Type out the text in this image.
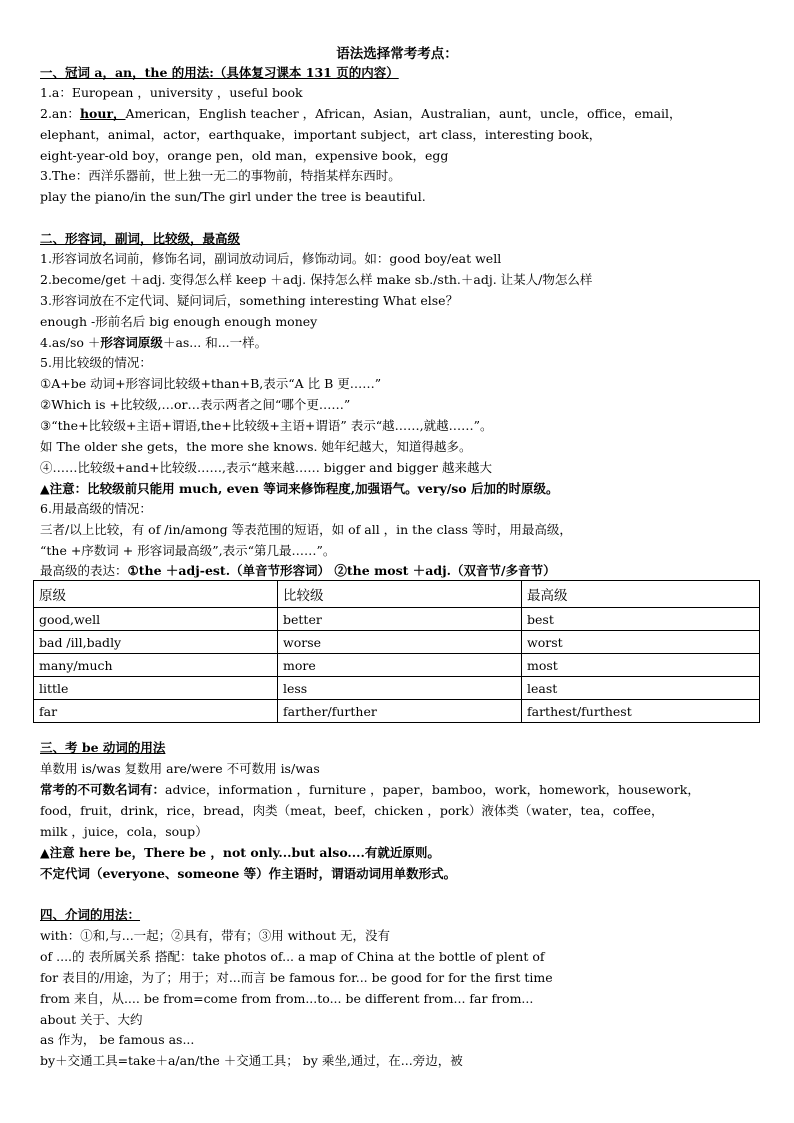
语法选择常考考点：
一、冠词 a，an，the 的用法:（具体复习课本 131 页的内容）
1.a：European ，university ，useful book
2.an：hour，American，English teacher ，African，Asian，Australian，aunt，uncle，office，email，
elephant，animal，actor，earthquake，important subject，art class，interesting book，
eight-year-old boy，orange pen，old man，expensive book，egg
3.The：西洋乐器前，世上独一无二的事物前，特指某样东西时。
play the piano/in the sun/The girl under the tree is beautiful.
二、形容词，副词，比较级，最高级
1.形容词放名词前，修饰名词，副词放动词后，修饰动词。如：good boy/eat well
2.become/get ＋adj. 变得怎么样 keep ＋adj. 保持怎么样 make sb./sth.＋adj. 让某人/物怎么样
3.形容词放在不定代词、疑问词后，something interesting What else？
enough -形前名后 big enough enough money
4.as/so ＋形容词原级＋as... 和...一样。
5.用比较级的情况：
①A+be 动词+形容词比较级+than+B,表示“A 比 B 更……”
②Which is +比较级,…or…表示两者之间“哪个更……”
③“the+比较级+主语+谓语,the+比较级+主语+谓语” 表示“越……,就越……”。
如 The older she gets，the more she knows. 她年纪越大，知道得越多。
④……比较级+and+比较级……,表示“越来越…… bigger and bigger 越来越大
▲注意：比较级前只能用 much, even 等词来修饰程度,加强语气。very/so 后加的时原级。
6.用最高级的情况：
三者/以上比较，有 of /in/among 等表范围的短语，如 of all ，in the class 等时，用最高级，
“the +序数词 + 形容词最高级”,表示“第几最……”。
最高级的表达：①the ＋adj-est.（单音节形容词） ②the most ＋adj.（双音节/多音节）
原级	比较级	最高级
good,well	better	best
bad /ill,badly	worse	worst
many/much	more	most
little	less	least
far	farther/further	farthest/furthest
三、考 be 动词的用法
单数用 is/was 复数用 are/were 不可数用 is/was
常考的不可数名词有：advice，information ，furniture ，paper，bamboo，work，homework，housework，
food，fruit，drink，rice，bread，肉类（meat，beef，chicken ，pork）液体类（water，tea，coffee，
milk ，juice，cola，soup）
▲注意 here be，There be ，not only...but also....有就近原则。
不定代词（everyone、someone 等）作主语时，谓语动词用单数形式。
四、介词的用法：
with：①和,与...一起；②具有，带有；③用 without 无，没有
of ....的 表所属关系 搭配：take photos of... a map of China at the bottle of plent of
for 表目的/用途，为了；用于；对...而言 be famous for... be good for for the first time
from 来自，从.... be from=come from from...to... be different from... far from...
about 关于、大约
as 作为， be famous as...
by＋交通工具=take＋a/an/the ＋交通工具； by 乘坐,通过，在...旁边，被
